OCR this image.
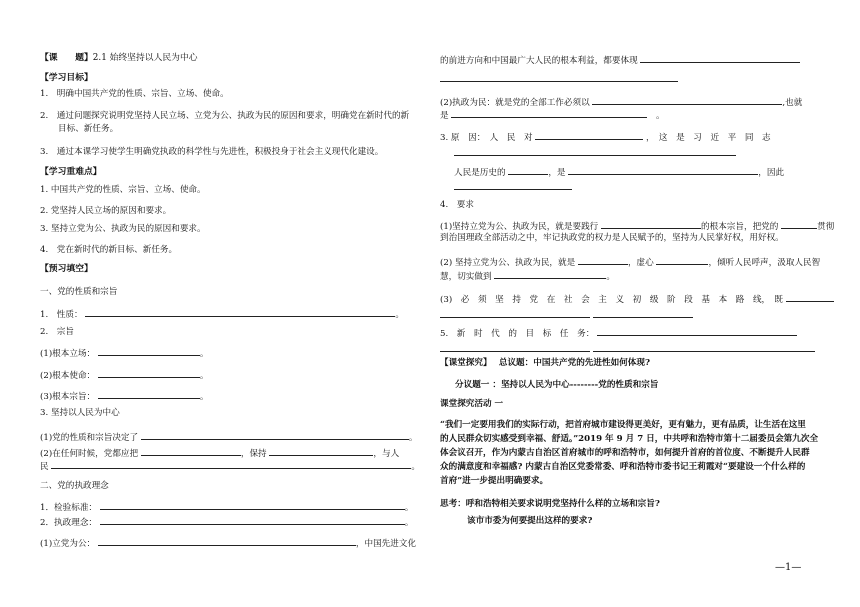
【课　　题】2.1 始终坚持以人民为中心
【学习目标】
1.　明确中国共产党的性质、宗旨、立场、使命。
2.　通过问题探究说明党坚持人民立场、立党为公、执政为民的原因和要求，明确党在新时代的新
目标、新任务。
3.　通过本课学习使学生明确党执政的科学性与先进性，积极投身于社会主义现代化建设。
【学习重难点】
1. 中国共产党的性质、宗旨、立场、使命。
2. 党坚持人民立场的原因和要求。
3. 坚持立党为公、执政为民的原因和要求。
4.　党在新时代的新目标、新任务。
【预习填空】
一、党的性质和宗旨
1.　性质：	。
2.　宗旨
(1)根本立场：	。
(2)根本使命：	。
(3)根本宗旨：	。
3. 坚持以人民为中心
(1)党的性质和宗旨决定了	。
(2)在任何时候，党都应把	，保持	，与人
民	。
二、党的执政理念
1．检验标准：	。
2．执政理念：	。
(1)立党为公：	，中国先进文化
的前进方向和中国最广大人民的根本利益，都要体现
(2)执政为民：就是党的全部工作必须以	,也就
是	　。
3. 原　因：　人　民　对	，　这　是　习　近　平　同　志
人民是历史的	，是	，因此
4.　要求
(1)坚持立党为公、执政为民，就是要践行	的根本宗旨，把党的	贯彻
到治国理政全部活动之中，牢记执政党的权力是人民赋予的，坚持为人民掌好权，用好权。
(2) 坚持立党为公、执政为民，就是	，虚心	，倾听人民呼声，汲取人民智
慧，切实做到	。
(3)　必　须　坚　持　党　在　社　会　主　义　初　级　阶　段　基　本　路　线，　既

5.　新　时　代　的　目　标　任　务：

【课堂探究】　 总议题：中国共产党的先进性如何体现?
分议题一 ：坚持以人民为中心--------党的性质和宗旨
课堂探究活动 一
“我们一定要用我们的实际行动，把首府城市建设得更美好，更有魅力，更有品质，让生活在这里
的人民群众切实感受到幸福、舒适。”2019 年 9 月 7 日，中共呼和浩特市第十二届委员会第九次全
体会议召开，作为内蒙古自治区首府城市的呼和浩特市，如何提升首府的首位度、不断提升人民群
众的满意度和幸福感? 内蒙古自治区党委常委、呼和浩特市委书记王莉霞对“要建设一个什么样的
首府”进一步提出明确要求。
思考：呼和浩特相关要求说明党坚持什么样的立场和宗旨?
该市市委为何要提出这样的要求?
—1—
